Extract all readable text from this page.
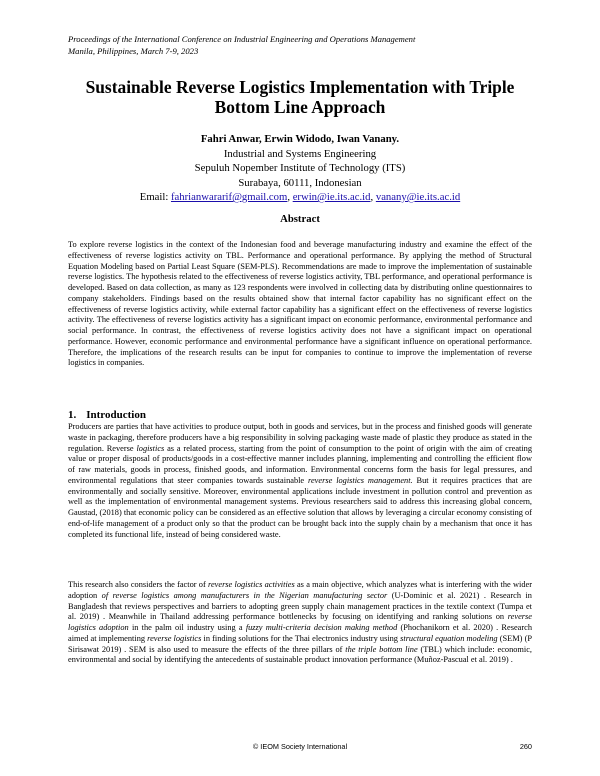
Proceedings of the International Conference on Industrial Engineering and Operations Management
Manila, Philippines, March 7-9, 2023
Sustainable Reverse Logistics Implementation with Triple
Bottom Line Approach
Fahri Anwar, Erwin Widodo, Iwan Vanany.
Industrial and Systems Engineering
Sepuluh Nopember Institute of Technology (ITS)
Surabaya, 60111, Indonesian
Email: fahrianwararif@gmail.com, erwin@ie.its.ac.id, vanany@ie.its.ac.id
Abstract
To explore reverse logistics in the context of the Indonesian food and beverage manufacturing industry and examine the effect of the effectiveness of reverse logistics activity on TBL. Performance and operational performance. By applying the method of Structural Equation Modeling based on Partial Least Square (SEM-PLS). Recommendations are made to improve the implementation of sustainable reverse logistics. The hypothesis related to the effectiveness of reverse logistics activity, TBL performance, and operational performance is developed. Based on data collection, as many as 123 respondents were involved in collecting data by distributing online questionnaires to company stakeholders. Findings based on the results obtained show that internal factor capability has no significant effect on the effectiveness of reverse logistics activity, while external factor capability has a significant effect on the effectiveness of reverse logistics activity. The effectiveness of reverse logistics activity has a significant impact on economic performance, environmental performance and social performance. In contrast, the effectiveness of reverse logistics activity does not have a significant impact on operational performance. However, economic performance and environmental performance have a significant influence on operational performance. Therefore, the implications of the research results can be input for companies to continue to improve the implementation of reverse logistics in companies.
1. Introduction
Producers are parties that have activities to produce output, both in goods and services, but in the process and finished goods will generate waste in packaging, therefore producers have a big responsibility in solving packaging waste made of plastic they produce as stated in the regulation. Reverse logistics as a related process, starting from the point of consumption to the point of origin with the aim of creating value or proper disposal of products/goods in a cost-effective manner includes planning, implementing and controlling the efficient flow of raw materials, goods in process, finished goods, and information. Environmental concerns form the basis for legal pressures, and environmental regulations that steer companies towards sustainable reverse logistics management. But it requires practices that are environmentally and socially sensitive. Moreover, environmental applications include investment in pollution control and prevention as well as the implementation of environmental management systems. Previous researchers said to address this increasing global concern, Gaustad, (2018) that economic policy can be considered as an effective solution that allows by leveraging a circular economy consisting of end-of-life management of a product only so that the product can be brought back into the supply chain by a mechanism that once it has completed its functional life, instead of being considered waste.
This research also considers the factor of reverse logistics activities as a main objective, which analyzes what is interfering with the wider adoption of reverse logistics among manufacturers in the Nigerian manufacturing sector (U-Dominic et al. 2021) . Research in Bangladesh that reviews perspectives and barriers to adopting green supply chain management practices in the textile context (Tumpa et al. 2019) . Meanwhile in Thailand addressing performance bottlenecks by focusing on identifying and ranking solutions on reverse logistics adoption in the palm oil industry using a fuzzy multi-criteria decision making method (Phochanikorn et al. 2020) . Research aimed at implementing reverse logistics in finding solutions for the Thai electronics industry using structural equation modeling (SEM) (P Sirisawat 2019) . SEM is also used to measure the effects of the three pillars of the triple bottom line (TBL) which include: economic, environmental and social by identifying the antecedents of sustainable product innovation performance (Muñoz-Pascual et al. 2019) .
© IEOM Society International	260
